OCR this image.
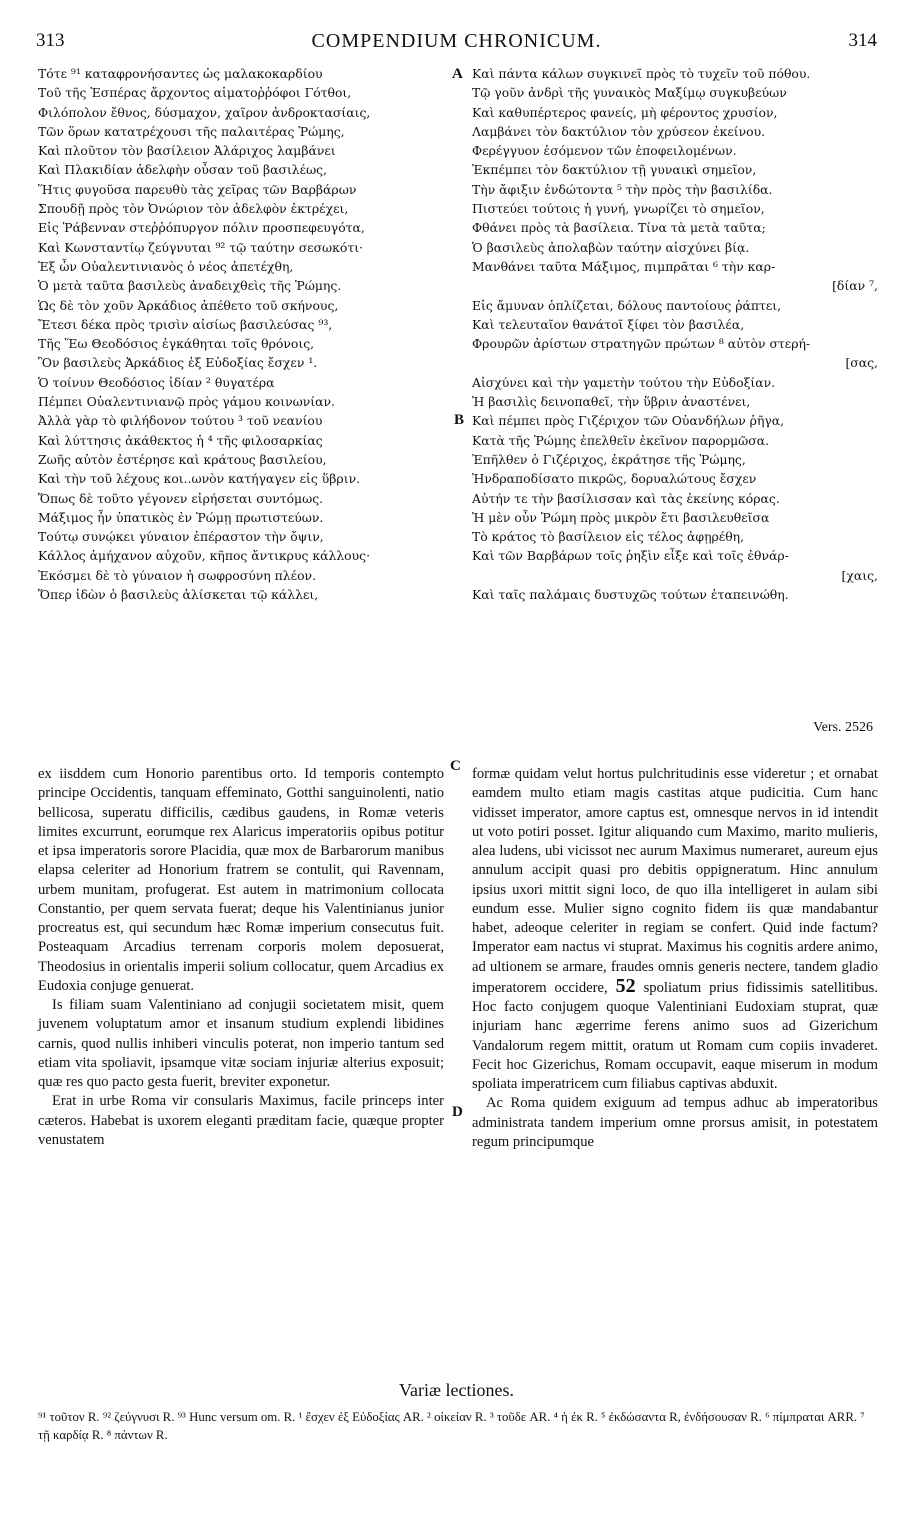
313	COMPENDIUM CHRONICUM.	314
Τότε ⁹¹ καταφρονήσαντες ὡς μαλακοκαρδίου
Τοῦ τῆς Ἑσπέρας ἄρχοντος αἱματοῤῥόφοι Γότθοι,
Φιλόπολον ἔθνος, δύσμαχον, χαῖρον ἀνδροκτασίαις,
Τῶν ὅρων κατατρέχουσι τῆς παλαιτέρας Ῥώμης,
Καὶ πλοῦτον τὸν βασίλειον Ἀλάριχος λαμβάνει
Καὶ Πλακιδίαν ἀδελφὴν οὖσαν τοῦ βασιλέως,
Ἥτις φυγοῦσα παρευθὺ τὰς χεῖρας τῶν Βαρβάρων
Σπουδῇ πρὸς τὸν Ὀνώριον τὸν ἀδελφὸν ἐκτρέχει,
Εἰς Ῥάβενναν στεῤῥόπυργον πόλιν προσπεφευγότα,
Καὶ Κωνσταντίῳ ζεύγνυται ⁹² τῷ ταύτην σεσωκότι·
Ἐξ ὧν Οὐαλεντινιανὸς ὁ νέος ἀπετέχθη,
Ὁ μετὰ ταῦτα βασιλεὺς ἀναδειχθεὶς τῆς Ῥώμης.
Ὡς δὲ τὸν χοῦν Ἀρκάδιος ἀπέθετο τοῦ σκήνους,
Ἔτεσι δέκα πρὸς τρισὶν αἰσίως βασιλεύσας ⁹³,
Τῆς Ἕω Θεοδόσιος ἐγκάθηται τοῖς θρόνοις,
Ὃν βασιλεὺς Ἀρκάδιος ἐξ Εὐδοξίας ἔσχεν ¹.
Ὁ τοίνυν Θεοδόσιος ἰδίαν ² θυγατέρα
Πέμπει Οὐαλεντινιανῷ πρὸς γάμου κοινωνίαν.
Ἀλλὰ γὰρ τὸ φιλήδονον τούτου ³ τοῦ νεανίου
Καὶ λύττησις ἀκάθεκτος ἡ ⁴ τῆς φιλοσαρκίας
Ζωῆς αὐτὸν ἐστέρησε καὶ κράτους βασιλείου,
Καὶ τὴν τοῦ λέχους κοι..ωνὸν κατήγαγεν εἰς ὕβριν.
Ὅπως δὲ τοῦτο γέγονεν εἰρήσεται συντόμως.
Μάξιμος ἦν ὑπατικὸς ἐν Ῥώμῃ πρωτιστεύων.
Τούτῳ συνῴκει γύναιον ἐπέραστον τὴν ὄψιν,
Κάλλος ἀμήχανον αὐχοῦν, κῆπος ἄντικρυς κάλλους·
Ἐκόσμει δὲ τὸ γύναιον ἡ σωφροσύνη πλέον.
Ὅπερ ἰδὼν ὁ βασιλεὺς ἁλίσκεται τῷ κάλλει,
Καὶ πάντα κάλων συγκινεῖ πρὸς τὸ τυχεῖν τοῦ πόθου.
Τῷ γοῦν ἀνδρὶ τῆς γυναικὸς Μαξίμῳ συγκυβεύων
Καὶ καθυπέρτερος φανείς, μὴ φέροντος χρυσίον,
Λαμβάνει τὸν δακτύλιον τὸν χρύσεον ἐκείνου.
Φερέγγυον ἐσόμενον τῶν ἐποφειλομένων.
Ἐκπέμπει τὸν δακτύλιον τῇ γυναικὶ σημεῖον,
Τὴν ἄφιξιν ἐνδώτοντα ⁵ τὴν πρὸς τὴν βασιλίδα.
Πιστεύει τούτοις ἡ γυνή, γνωρίζει τὸ σημεῖον,
Φθάνει πρὸς τὰ βασίλεια. Τίνα τὰ μετὰ ταῦτα;
Ὁ βασιλεὺς ἀπολαβὼν ταύτην αἰσχύνει βίᾳ.
Μανθάνει ταῦτα Μάξιμος, πιμπρᾶται ⁶ τὴν καρ-
[δίαν ⁷,
Εἰς ἄμυναν ὁπλίζεται, δόλους παντοίους ῥάπτει,
Καὶ τελευταῖον θανάτοῖ ξίφει τὸν βασιλέα,
Φρουρῶν ἀρίστων στρατηγῶν πρώτων ⁸ αὐτὸν στερή-
[σας,
Αἰσχύνει καὶ τὴν γαμετὴν τούτου τὴν Εὐδοξίαν.
Ἡ βασιλὶς δεινοπαθεῖ, τὴν ὕβριν ἀναστένει,
Καὶ πέμπει πρὸς Γιζέριχον τῶν Οὐανδήλων ῥῆγα,
Κατὰ τῆς Ῥώμης ἐπελθεῖν ἐκεῖνον παρορμῶσα.
Ἐπῆλθεν ὁ Γιζέριχος, ἐκράτησε τῆς Ῥώμης,
Ἠνδραποδίσατο πικρῶς, δορυαλώτους ἔσχεν
Αὐτήν τε τὴν βασίλισσαν καὶ τὰς ἐκείνης κόρας.
Ἡ μὲν οὖν Ῥώμη πρὸς μικρὸν ἔτι βασιλευθεῖσα
Τὸ κράτος τὸ βασίλειον εἰς τέλος ἀφῃρέθη,
Καὶ τῶν Βαρβάρων τοῖς ῥηξὶν εἶξε καὶ τοῖς ἐθνάρ-
[χαις,
Καὶ ταῖς παλάμαις δυστυχῶς τούτων ἐταπεινώθη.
A
B
C
D
Vers. 2526

ex iisddem cum Honorio parentibus orto. Id temporis contempto principe Occidentis, tanquam effeminato, Gotthi sanguinolenti, natio bellicosa, superatu difficilis, cædibus gaudens, in Romæ veteris limites excurrunt, eorumque rex Alaricus imperatoriis opibus potitur et ipsa imperatoris sorore Placidia, quæ mox de Barbarorum manibus elapsa celeriter ad Honorium fratrem se contulit, qui Ravennam, urbem munitam, profugerat. Est autem in matrimonium collocata Constantio, per quem servata fuerat; deque his Valentinianus junior procreatus est, qui secundum hæc Romæ imperium consecutus fuit. Posteaquam Arcadius terrenam corporis molem deposuerat, Theodosius in orientalis imperii solium collocatur, quem Arcadius ex Eudoxia conjuge genuerat.

Is filiam suam Valentiniano ad conjugii societatem misit, quem juvenem voluptatum amor et insanum studium explendi libidines carnis, quod nullis inhiberi vinculis poterat, non imperio tantum sed etiam vita spoliavit, ipsamque vitæ sociam injuriæ alterius exposuit; quæ res quo pacto gesta fuerit, breviter exponetur.

Erat in urbe Roma vir consularis Maximus, facile princeps inter cæteros. Habebat is uxorem eleganti præditam facie, quæque propter venustatem

formæ quidam velut hortus pulchritudinis esse videretur ; et ornabat eamdem multo etiam magis castitas atque pudicitia. Cum hanc vidisset imperator, amore captus est, omnesque nervos in id intendit ut voto potiri posset. Igitur aliquando cum Maximo, marito mulieris, alea ludens, ubi vicissot nec aurum Maximus numeraret, aureum ejus annulum accipit quasi pro debitis oppigneratum. Hinc annulum ipsius uxori mittit signi loco, de quo illa intelligeret in aulam sibi eundum esse. Mulier signo cognito fidem iis quæ mandabantur habet, adeoque celeriter in regiam se confert. Quid inde factum? Imperator eam nactus vi stuprat. Maximus his cognitis ardere animo, ad ultionem se armare, fraudes omnis generis nectere, tandem gladio imperatorem occidere, 52 spoliatum prius fidissimis satellitibus. Hoc facto conjugem quoque Valentiniani Eudoxiam stuprat, quæ injuriam hanc ægerrime ferens animo suos ad Gizerichum Vandalorum regem mittit, oratum ut Romam cum copiis invaderet. Fecit hoc Gizerichus, Romam occupavit, eaque miserum in modum spoliata imperatricem cum filiabus captivas abduxit.

Ac Roma quidem exiguum ad tempus adhuc ab imperatoribus administrata tandem imperium omne prorsus amisit, in potestatem regum principumque

Variæ lectiones.
⁹¹ τοῦτον R. ⁹² ζεύγνυσι R. ⁹³ Hunc versum om. R. ¹ ἔσχεν ἐξ Εὐδοξίας AR. ² οἰκείαν R. ³ τοῦδε AR. ⁴ ἡ ἐκ R. ⁵ ἐκδώσαντα R, ἐνδήσουσαν R. ⁶ πίμπραται ARR. ⁷ τῇ καρδίᾳ R. ⁸ πάντων R.
